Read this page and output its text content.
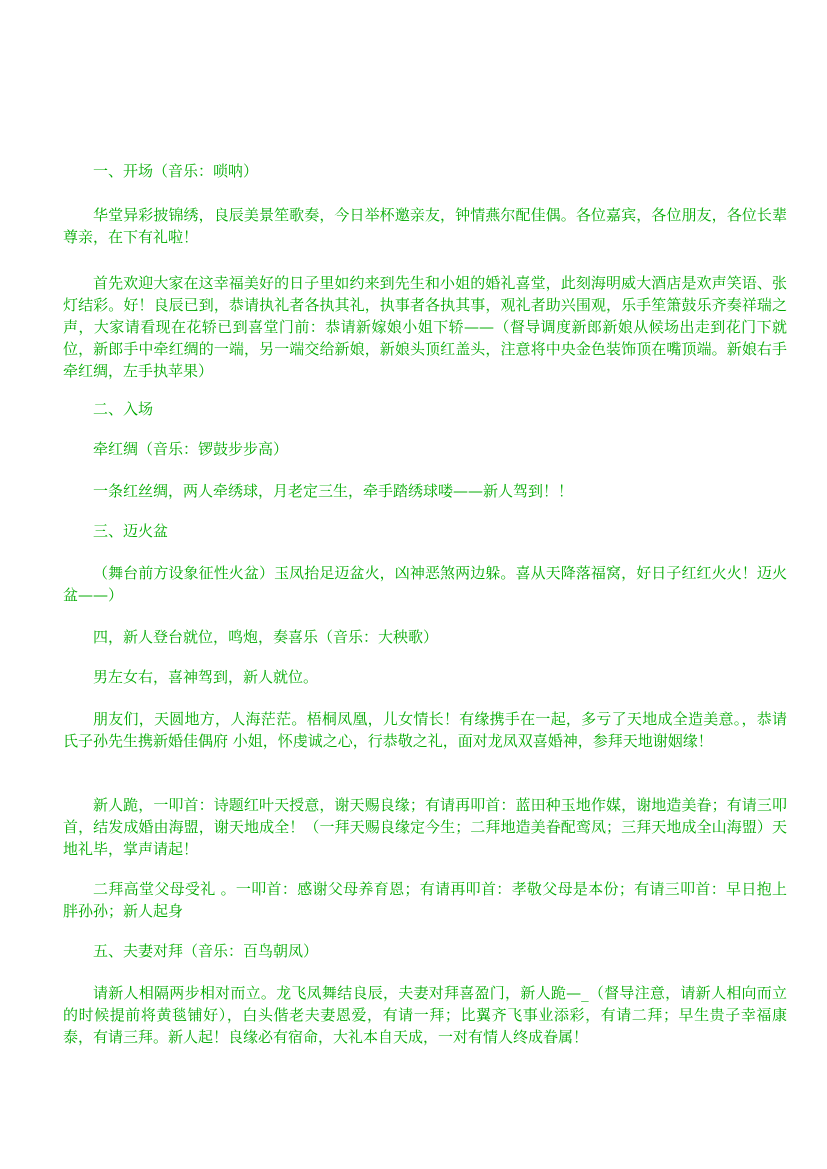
一、开场（音乐：唢呐）

华堂异彩披锦绣，良辰美景笙歌奏，今日举杯邀亲友，钟情燕尔配佳偶。各位嘉宾，各位朋友，各位长辈尊亲，在下有礼啦！

首先欢迎大家在这幸福美好的日子里如约来到先生和小姐的婚礼喜堂，此刻海明威大酒店是欢声笑语、张灯结彩。好！良辰已到，恭请执礼者各执其礼，执事者各执其事，观礼者助兴围观，乐手笙箫鼓乐齐奏祥瑞之声，大家请看现在花轿已到喜堂门前：恭请新嫁娘小姐下轿——（督导调度新郎新娘从候场出走到花门下就位，新郎手中牵红绸的一端，另一端交给新娘，新娘头顶红盖头，注意将中央金色装饰顶在嘴顶端。新娘右手牵红绸，左手执苹果）

二、入场

牵红绸（音乐：锣鼓步步高）

一条红丝绸，两人牵绣球，月老定三生，牵手踏绣球喽——新人驾到！！

三、迈火盆

（舞台前方设象征性火盆）玉凤抬足迈盆火，凶神恶煞两边躲。喜从天降落福窝，好日子红红火火！迈火盆——）

四，新人登台就位，鸣炮，奏喜乐（音乐：大秧歌）

男左女右，喜神驾到，新人就位。

朋友们，天圆地方，人海茫茫。梧桐凤凰，儿女情长！有缘携手在一起，多亏了天地成全造美意。，恭请 氏子孙先生携新婚佳偶府 小姐，怀虔诚之心，行恭敬之礼，面对龙凤双喜婚神，参拜天地谢姻缘！

新人跪，一叩首：诗题红叶天授意，谢天赐良缘；有请再叩首：蓝田种玉地作媒，谢地造美眷；有请三叩首，结发成婚由海盟，谢天地成全！（一拜天赐良缘定今生；二拜地造美眷配鸾凤；三拜天地成全山海盟）天地礼毕，掌声请起！

二拜高堂父母受礼 。一叩首：感谢父母养育恩；有请再叩首：孝敬父母是本份；有请三叩首：早日抱上胖孙孙；新人起身

五、夫妻对拜（音乐：百鸟朝凤）

请新人相隔两步相对而立。龙飞凤舞结良辰，夫妻对拜喜盈门，新人跪—_（督导注意，请新人相向而立的时候提前将黄毯铺好），白头偕老夫妻恩爱，有请一拜；比翼齐飞事业添彩，有请二拜；早生贵子幸福康泰，有请三拜。新人起！良缘必有宿命，大礼本自天成，一对有情人终成眷属！
